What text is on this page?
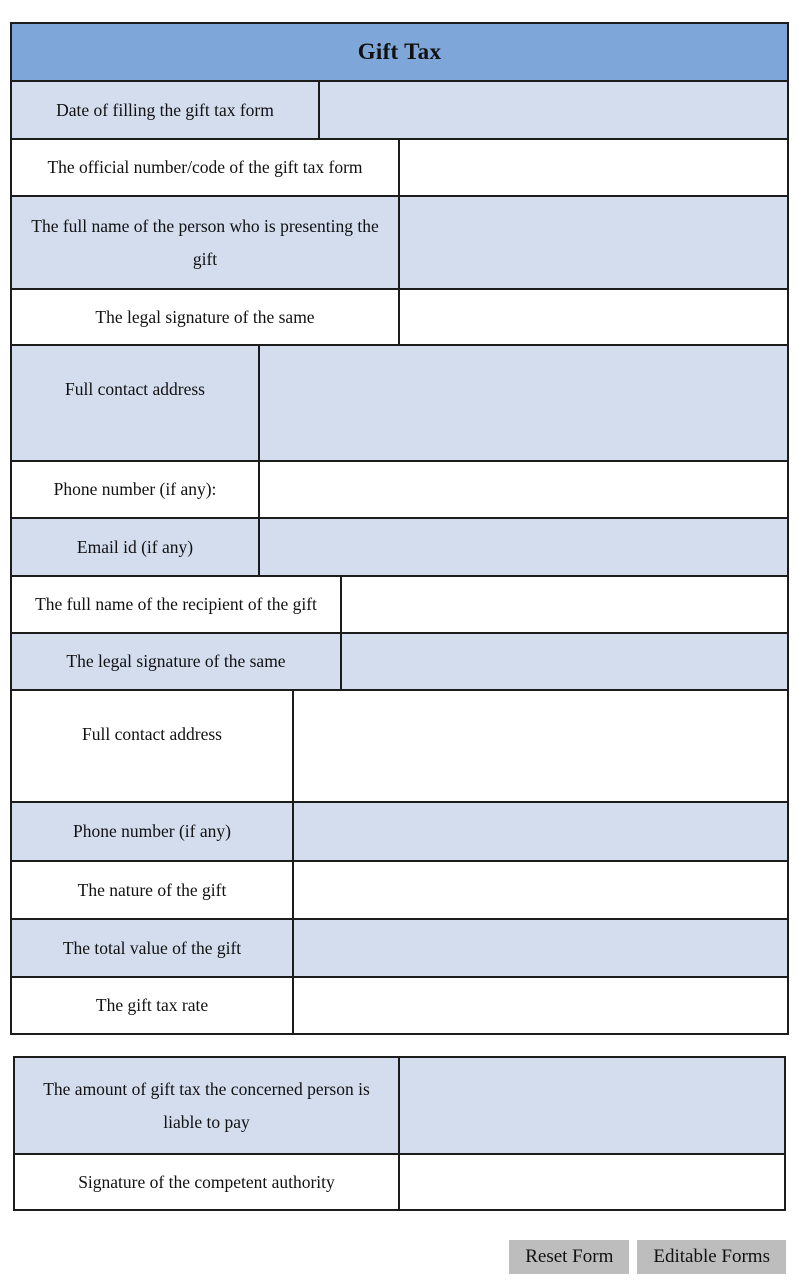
Gift Tax
Date of filling the gift tax form
The official number/code of the gift tax form
The full name of the person who is presenting the gift
The legal signature of the same
Full contact address
Phone number (if any):
Email id (if any)
The full name of the recipient of the gift
The legal signature of the same
Full contact address
Phone number (if any)
The nature of the gift
The total value of the gift
The gift tax rate
The amount of gift tax the concerned person is liable to pay
Signature of the competent authority
Reset Form	Editable Forms
